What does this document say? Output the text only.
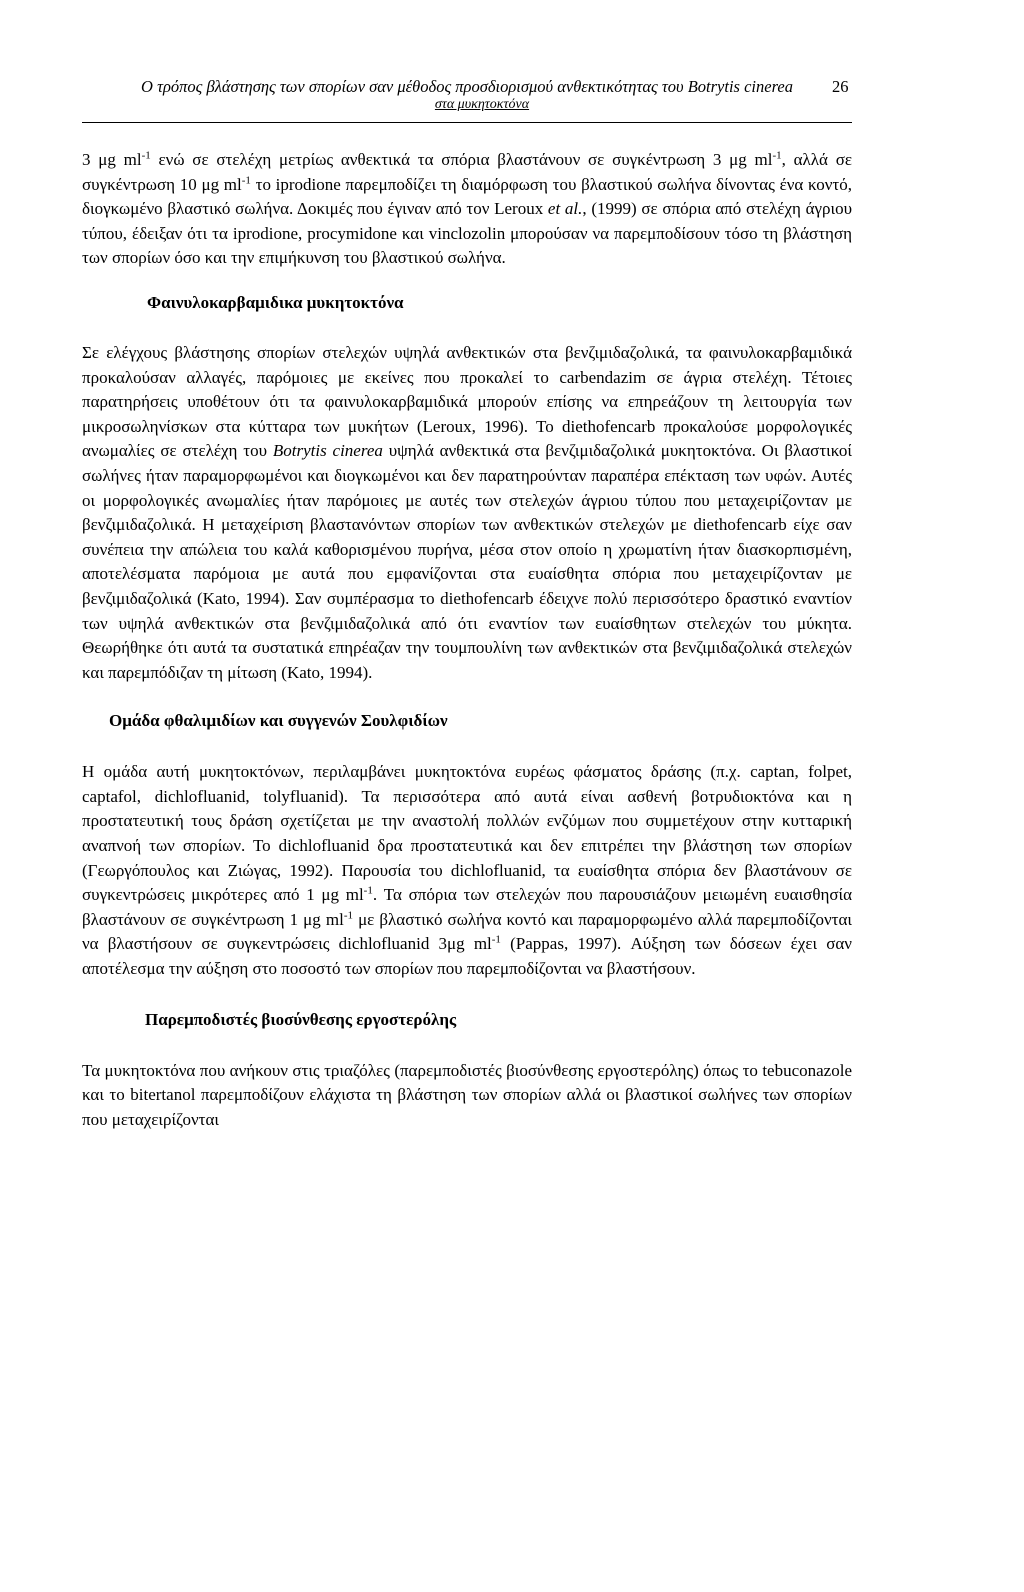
Ο τρόπος βλάστησης των σπορίων σαν μέθοδος προσδιορισμού ανθεκτικότητας του Botrytis cinerea
στα μυκητοκτόνα
26

3 μg $ml^{-1}$ ενώ σε στελέχη μετρίως ανθεκτικά τα σπόρια βλαστάνουν σε συγκέντρωση 3 μg $ml^{-1}$, αλλά σε συγκέντρωση 10 μg $ml^{-1}$ το iprodione παρεμποδίζει τη διαμόρφωση του βλαστικού σωλήνα δίνοντας ένα κοντό, διογκωμένο βλαστικό σωλήνα. Δοκιμές που έγιναν από τον Leroux et al., (1999) σε σπόρια από στελέχη άγριου τύπου, έδειξαν ότι τα iprodione, procymidone και vinclozolin μπορούσαν να παρεμποδίσουν τόσο τη βλάστηση των σπορίων όσο και την επιμήκυνση του βλαστικού σωλήνα.

Φαινυλοκαρβαμιδικα μυκητοκτόνα

Σε ελέγχους βλάστησης σπορίων στελεχών υψηλά ανθεκτικών στα βενζιμιδαζολικά, τα φαινυλοκαρβαμιδικά προκαλούσαν αλλαγές, παρόμοιες με εκείνες που προκαλεί το carbendazim σε άγρια στελέχη. Τέτοιες παρατηρήσεις υποθέτουν ότι τα φαινυλοκαρβαμιδικά μπορούν επίσης να επηρεάζουν τη λειτουργία των μικροσωληνίσκων στα κύτταρα των μυκήτων (Leroux, 1996). Το diethofencarb προκαλούσε μορφολογικές ανωμαλίες σε στελέχη του Botrytis cinerea υψηλά ανθεκτικά στα βενζιμιδαζολικά μυκητοκτόνα. Οι βλαστικοί σωλήνες ήταν παραμορφωμένοι και διογκωμένοι και δεν παρατηρούνταν παραπέρα επέκταση των υφών. Αυτές οι μορφολογικές ανωμαλίες ήταν παρόμοιες με αυτές των στελεχών άγριου τύπου που μεταχειρίζονταν με βενζιμιδαζολικά. Η μεταχείριση βλαστανόντων σπορίων των ανθεκτικών στελεχών με diethofencarb είχε σαν συνέπεια την απώλεια του καλά καθορισμένου πυρήνα, μέσα στον οποίο η χρωματίνη ήταν διασκορπισμένη, αποτελέσματα παρόμοια με αυτά που εμφανίζονται στα ευαίσθητα σπόρια που μεταχειρίζονταν με βενζιμιδαζολικά (Kato, 1994). Σαν συμπέρασμα το diethofencarb έδειχνε πολύ περισσότερο δραστικό εναντίον των υψηλά ανθεκτικών στα βενζιμιδαζολικά από ότι εναντίον των ευαίσθητων στελεχών του μύκητα. Θεωρήθηκε ότι αυτά τα συστατικά επηρέαζαν την τουμπουλίνη των ανθεκτικών στα βενζιμιδαζολικά στελεχών και παρεμπόδιζαν τη μίτωση (Kato, 1994).

Ομάδα φθαλιμιδίων και συγγενών Σουλφιδίων

Η ομάδα αυτή μυκητοκτόνων, περιλαμβάνει μυκητοκτόνα ευρέως φάσματος δράσης (π.χ. captan, folpet, captafol, dichlofluanid, tolyfluanid). Τα περισσότερα από αυτά είναι ασθενή βοτρυδιοκτόνα και η προστατευτική τους δράση σχετίζεται με την αναστολή πολλών ενζύμων που συμμετέχουν στην κυτταρική αναπνοή των σπορίων. Το dichlofluanid δρα προστατευτικά και δεν επιτρέπει την βλάστηση των σπορίων (Γεωργόπουλος και Ζιώγας, 1992). Παρουσία του dichlofluanid, τα ευαίσθητα σπόρια δεν βλαστάνουν σε συγκεντρώσεις μικρότερες από 1 μg $ml^{-1}$. Τα σπόρια των στελεχών που παρουσιάζουν μειωμένη ευαισθησία βλαστάνουν σε συγκέντρωση 1 μg $ml^{-1}$ με βλαστικό σωλήνα κοντό και παραμορφωμένο αλλά παρεμποδίζονται να βλαστήσουν σε συγκεντρώσεις dichlofluanid 3μg $ml^{-1}$ (Pappas, 1997). Αύξηση των δόσεων έχει σαν αποτέλεσμα την αύξηση στο ποσοστό των σπορίων που παρεμποδίζονται να βλαστήσουν.

Παρεμποδιστές βιοσύνθεσης εργοστερόλης

Τα μυκητοκτόνα που ανήκουν στις τριαζόλες (παρεμποδιστές βιοσύνθεσης εργοστερόλης) όπως το tebuconazole και το bitertanol παρεμποδίζουν ελάχιστα τη βλάστηση των σπορίων αλλά οι βλαστικοί σωλήνες των σπορίων που μεταχειρίζονται
